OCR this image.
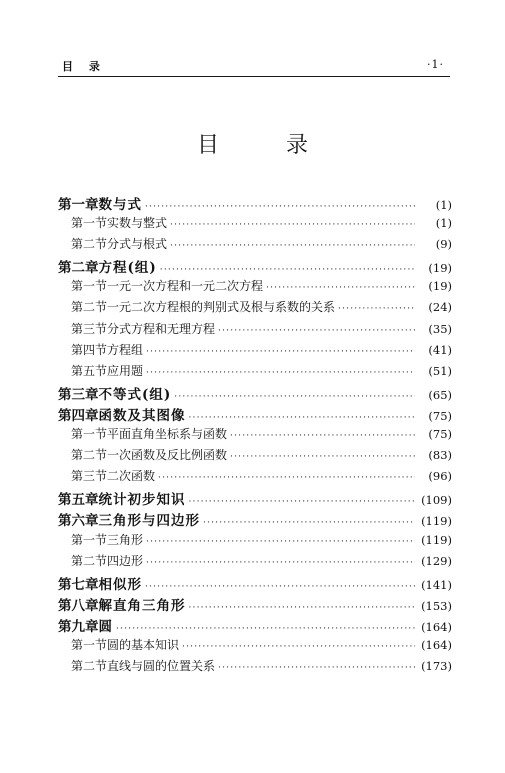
目 录	·1·
目 录
第一章 数与式 ·····	(1)
第一节 实数与整式 ·····	(1)
第二节 分式与根式 ·····	(9)
第二章 方程(组) ·····	(19)
第一节 一元一次方程和一元二次方程 ·····	(19)
第二节 一元二次方程根的判别式及根与系数的关系 ·····	(24)
第三节 分式方程和无理方程 ·····	(35)
第四节 方程组 ·····	(41)
第五节 应用题 ·····	(51)
第三章 不等式(组) ·····	(65)
第四章 函数及其图像 ·····	(75)
第一节 平面直角坐标系与函数 ·····	(75)
第二节 一次函数及反比例函数 ·····	(83)
第三节 二次函数 ·····	(96)
第五章 统计初步知识 ·····	(109)
第六章 三角形与四边形 ·····	(119)
第一节 三角形 ·····	(119)
第二节 四边形 ·····	(129)
第七章 相似形 ·····	(141)
第八章 解直角三角形 ·····	(153)
第九章 圆 ·····	(164)
第一节 圆的基本知识 ·····	(164)
第二节 直线与圆的位置关系 ·····	(173)
